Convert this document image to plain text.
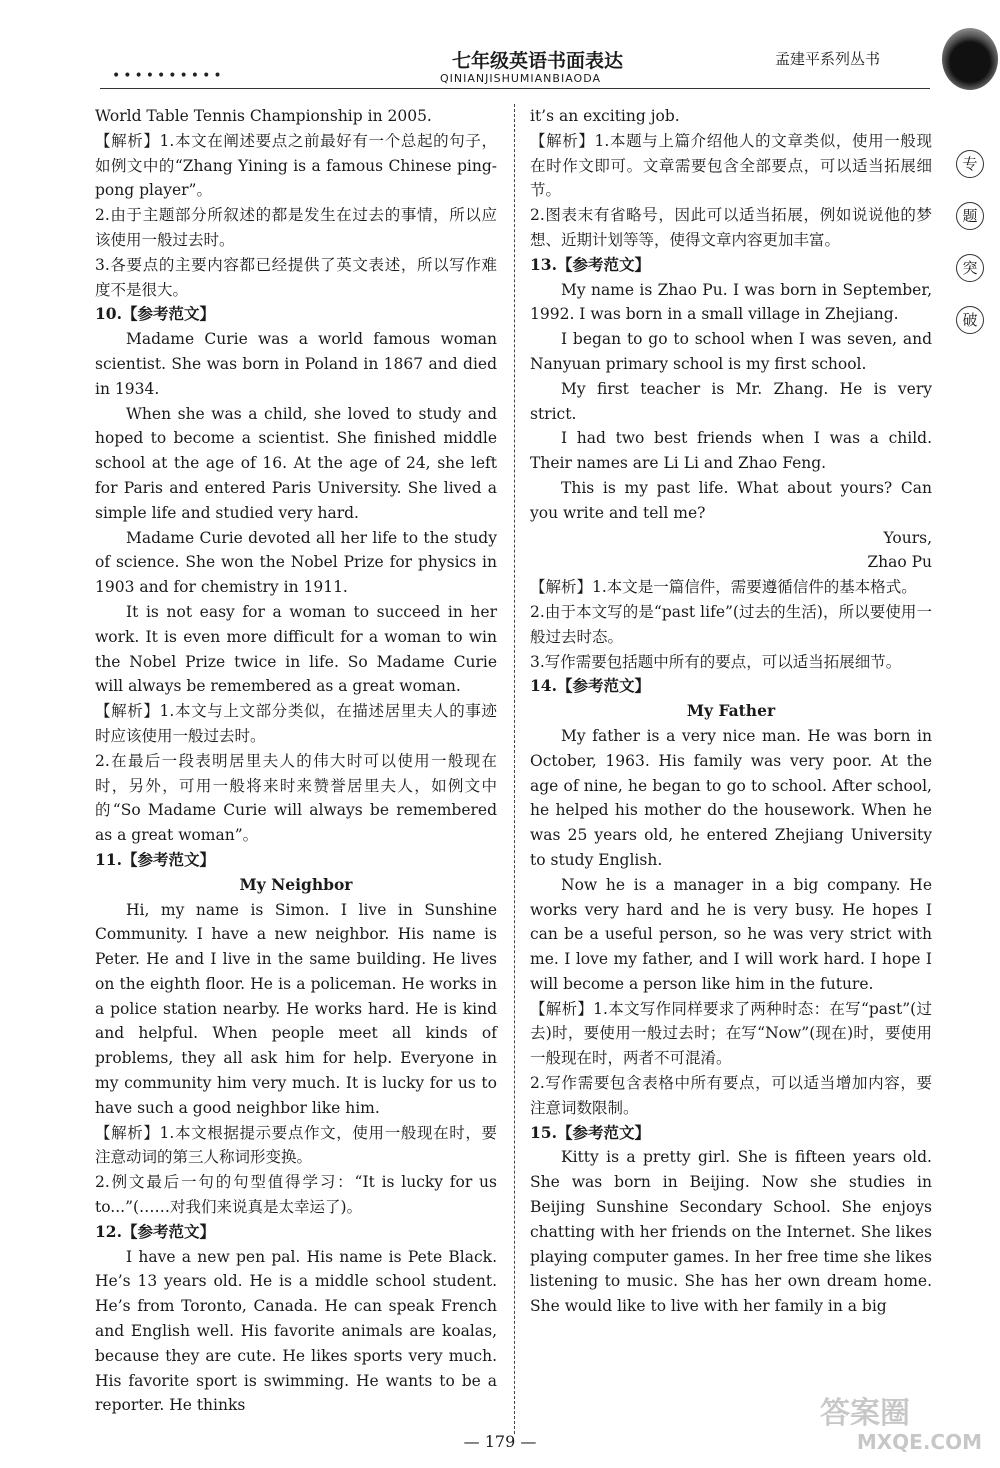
••••••••••
七年级英语书面表达
QINIANJISHUMIANBIAODA
孟建平系列丛书
专
题
突
破

World Table Tennis Championship in 2005.

【解析】1.本文在阐述要点之前最好有一个总起的句子，如例文中的“Zhang Yining is a famous Chinese ping-pong player”。

2.由于主题部分所叙述的都是发生在过去的事情，所以应该使用一般过去时。

3.各要点的主要内容都已经提供了英文表述，所以写作难度不是很大。

10.【参考范文】

Madame Curie was a world famous woman scientist. She was born in Poland in 1867 and died in 1934.

When she was a child, she loved to study and hoped to become a scientist. She finished middle school at the age of 16. At the age of 24, she left for Paris and entered Paris University. She lived a simple life and studied very hard.

Madame Curie devoted all her life to the study of science. She won the Nobel Prize for physics in 1903 and for chemistry in 1911.

It is not easy for a woman to succeed in her work. It is even more difficult for a woman to win the Nobel Prize twice in life. So Madame Curie will always be remembered as a great woman.

【解析】1.本文与上文部分类似，在描述居里夫人的事迹时应该使用一般过去时。

2.在最后一段表明居里夫人的伟大时可以使用一般现在时，另外，可用一般将来时来赞誉居里夫人，如例文中的“So Madame Curie will always be remembered as a great woman”。

11.【参考范文】

My Neighbor

Hi, my name is Simon. I live in Sunshine Community. I have a new neighbor. His name is Peter. He and I live in the same building. He lives on the eighth floor. He is a policeman. He works in a police station nearby. He works hard. He is kind and helpful. When people meet all kinds of problems, they all ask him for help. Everyone in my community him very much. It is lucky for us to have such a good neighbor like him.

【解析】1.本文根据提示要点作文，使用一般现在时，要注意动词的第三人称词形变换。

2.例文最后一句的句型值得学习：“It is lucky for us to...”(……对我们来说真是太幸运了)。

12.【参考范文】

I have a new pen pal. His name is Pete Black. He’s 13 years old. He is a middle school student. He’s from Toronto, Canada. He can speak French and English well. His favorite animals are koalas, because they are cute. He likes sports very much. His favorite sport is swimming. He wants to be a reporter. He thinks

it’s an exciting job.

【解析】1.本题与上篇介绍他人的文章类似，使用一般现在时作文即可。文章需要包含全部要点，可以适当拓展细节。

2.图表末有省略号，因此可以适当拓展，例如说说他的梦想、近期计划等等，使得文章内容更加丰富。

13.【参考范文】

My name is Zhao Pu. I was born in September, 1992. I was born in a small village in Zhejiang.

I began to go to school when I was seven, and Nanyuan primary school is my first school.

My first teacher is Mr. Zhang. He is very strict.

I had two best friends when I was a child. Their names are Li Li and Zhao Feng.

This is my past life. What about yours? Can you write and tell me?

Yours,

Zhao Pu

【解析】1.本文是一篇信件，需要遵循信件的基本格式。

2.由于本文写的是“past life”(过去的生活)，所以要使用一般过去时态。

3.写作需要包括题中所有的要点，可以适当拓展细节。

14.【参考范文】

My Father

My father is a very nice man. He was born in October, 1963. His family was very poor. At the age of nine, he began to go to school. After school, he helped his mother do the housework. When he was 25 years old, he entered Zhejiang University to study English.

Now he is a manager in a big company. He works very hard and he is very busy. He hopes I can be a useful person, so he was very strict with me. I love my father, and I will work hard. I hope I will become a person like him in the future.

【解析】1.本文写作同样要求了两种时态：在写“past”(过去)时，要使用一般过去时；在写“Now”(现在)时，要使用一般现在时，两者不可混淆。

2.写作需要包含表格中所有要点，可以适当增加内容，要注意词数限制。

15.【参考范文】

Kitty is a pretty girl. She is fifteen years old. She was born in Beijing. Now she studies in Beijing Sunshine Secondary School. She enjoys chatting with her friends on the Internet. She likes playing computer games. In her free time she likes listening to music. She has her own dream home. She would like to live with her family in a big

— 179 —
答案圈
MXQE.COM
